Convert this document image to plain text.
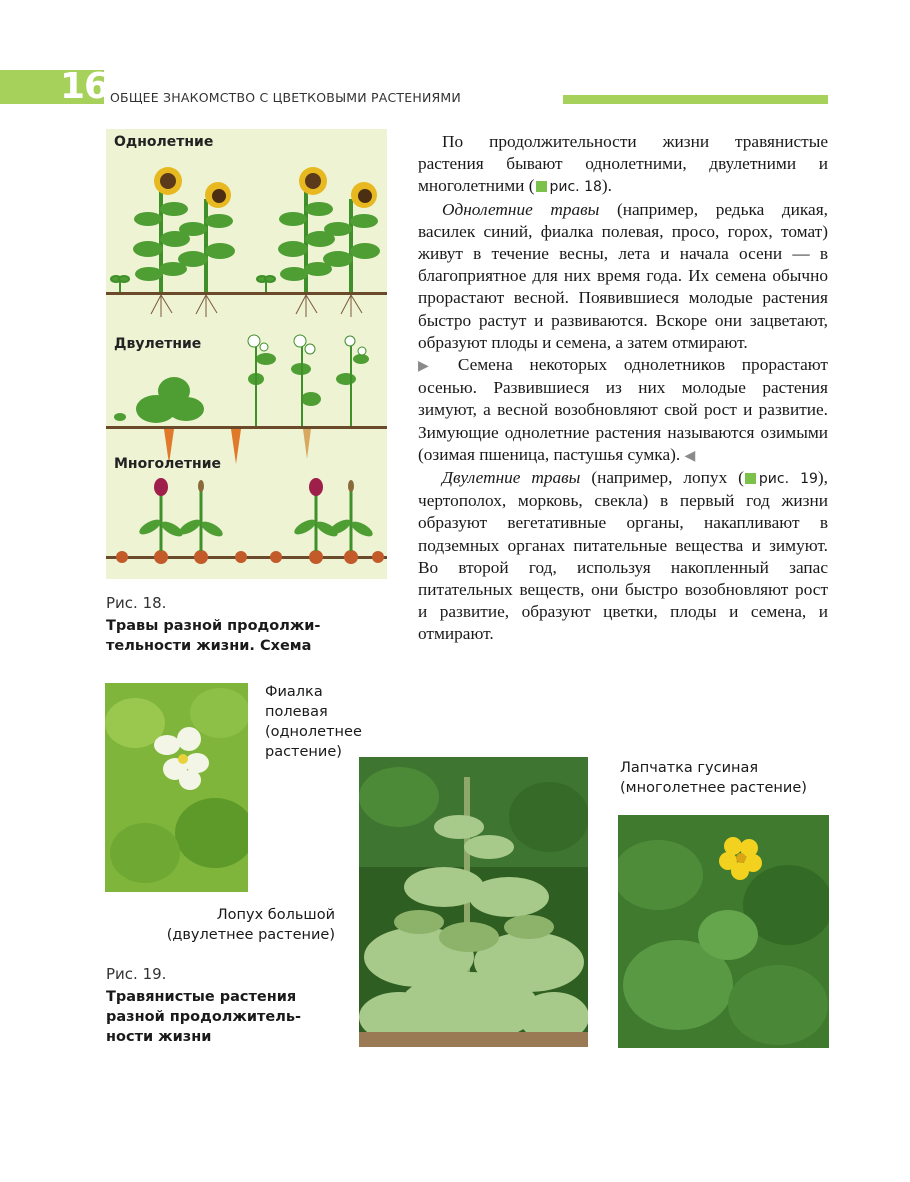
16 ОБЩЕЕ ЗНАКОМСТВО С ЦВЕТКОВЫМИ РАСТЕНИЯМИ
Однолетние
Двулетние
Многолетние
Рис. 18.
Травы разной продолжи-
тельности жизни. Схема

По продолжительности жизни травянистые растения бывают однолетними, двулетними и многолетними ( рис. 18).

Однолетние травы (например, редька дикая, василек синий, фиалка полевая, просо, горох, томат) живут в течение весны, лета и начала осени — в благоприятное для них время года. Их семена обычно прорастают весной. Появившиеся молодые растения быстро растут и развиваются. Вскоре они зацветают, образуют плоды и семена, а затем отмирают.

▶ Семена некоторых однолетников прорастают осенью. Развившиеся из них молодые растения зимуют, а весной возобновляют свой рост и развитие. Зимующие однолетние растения называются озимыми (озимая пшеница, пастушья сумка). ◀

Двулетние травы (например, лопух ( рис. 19), чертополох, морковь, свекла) в первый год жизни образуют вегетативные органы, накапливают в подземных органах питательные вещества и зимуют. Во второй год, используя накопленный запас питательных веществ, они быстро возобновляют рост и развитие, образуют цветки, плоды и семена, и отмирают.

Фиалка
полевая
(однолетнее
растение)
Лопух большой
(двулетнее растение)
Лапчатка гусиная
(многолетнее растение)
Рис. 19.
Травянистые растения
разной продолжитель-
ности жизни
